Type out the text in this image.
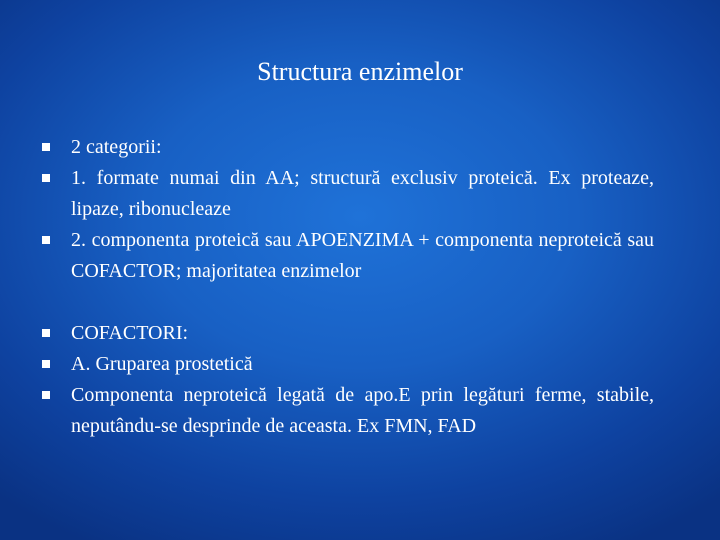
Structura enzimelor
2 categorii:
1. formate numai din AA; structură exclusiv proteică. Ex proteaze, lipaze, ribonucleaze
2. componenta proteică sau APOENZIMA + componenta neproteică sau COFACTOR; majoritatea enzimelor
COFACTORI:
A. Gruparea prostetică
Componenta neproteică legată de apo.E prin legături ferme, stabile, neputându-se desprinde de aceasta. Ex FMN, FAD
